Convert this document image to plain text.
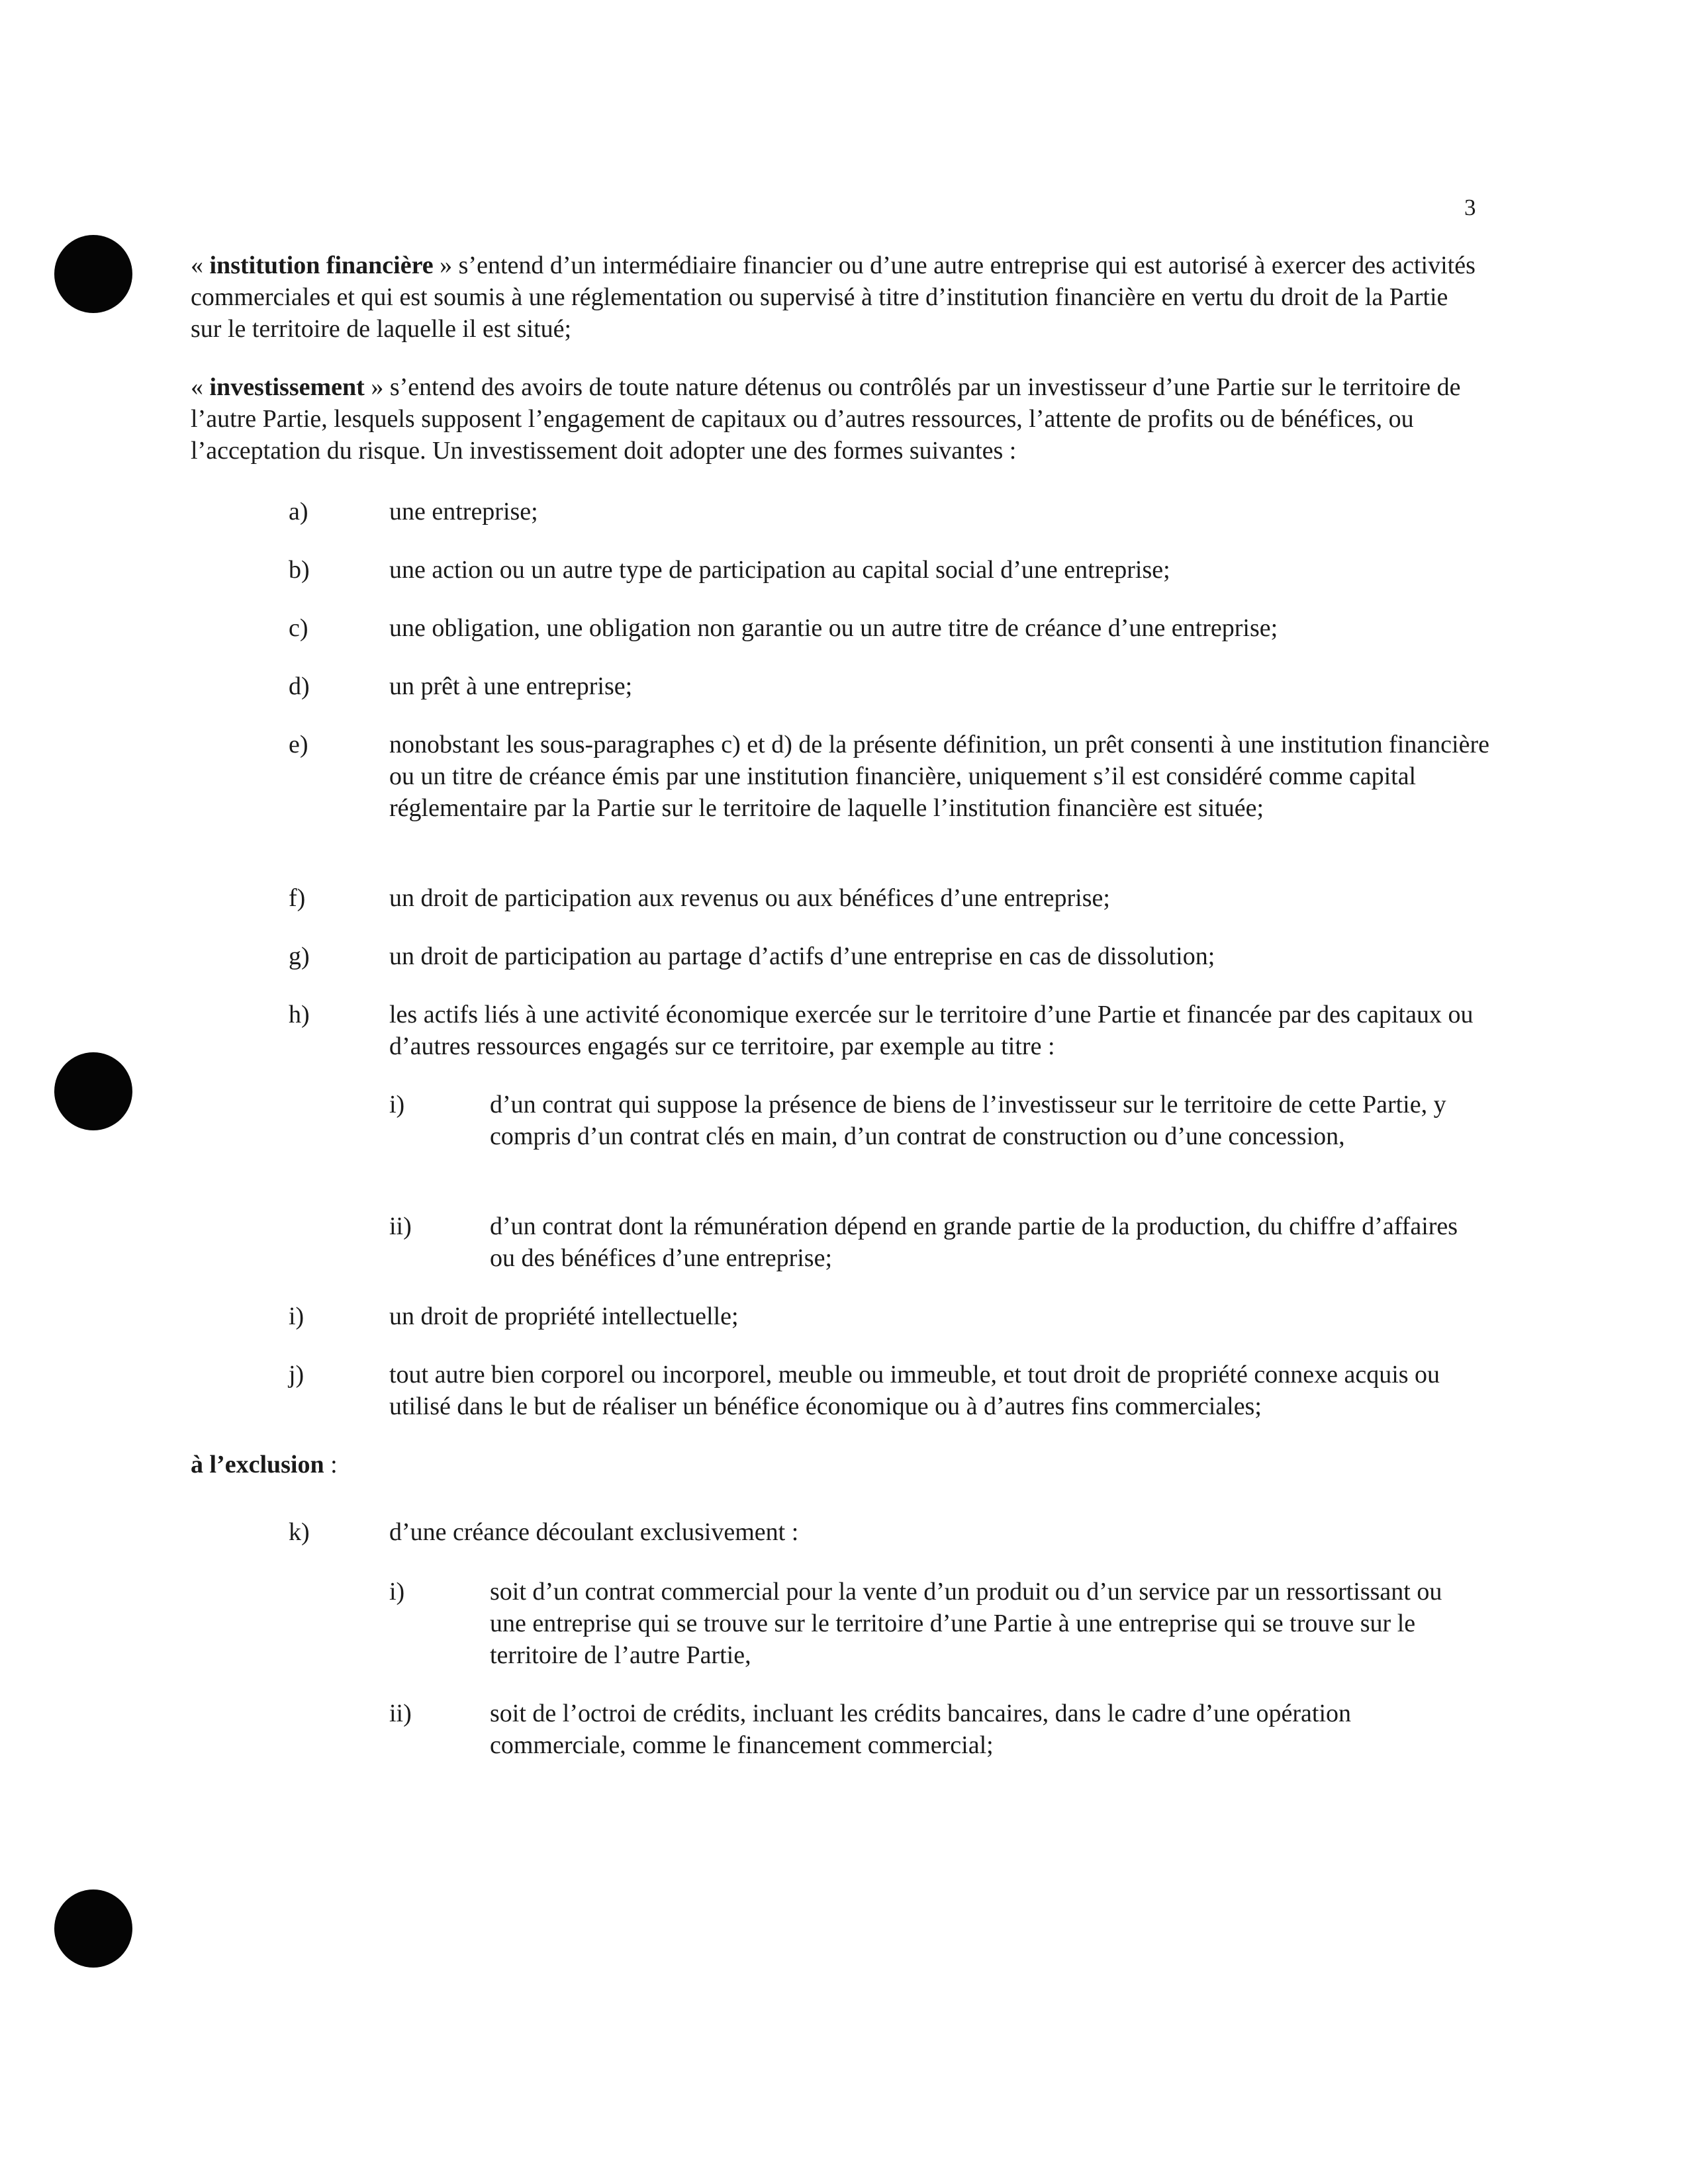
3

« institution financière » s’entend d’un intermédiaire financier ou d’une autre entreprise qui est autorisé à exercer des activités commerciales et qui est soumis à une réglementation ou supervisé à titre d’institution financière en vertu du droit de la Partie sur le territoire de laquelle il est situé;

« investissement » s’entend des avoirs de toute nature détenus ou contrôlés par un investisseur d’une Partie sur le territoire de l’autre Partie, lesquels supposent l’engagement de capitaux ou d’autres ressources, l’attente de profits ou de bénéfices, ou l’acceptation du risque. Un investissement doit adopter une des formes suivantes :

a)	une entreprise;
b)	une action ou un autre type de participation au capital social d’une entreprise;
c)	une obligation, une obligation non garantie ou un autre titre de créance d’une entreprise;
d)	un prêt à une entreprise;
e)	nonobstant les sous-paragraphes c) et d) de la présente définition, un prêt consenti à une institution financière ou un titre de créance émis par une institution financière, uniquement s’il est considéré comme capital réglementaire par la Partie sur le territoire de laquelle l’institution financière est située;
f)	un droit de participation aux revenus ou aux bénéfices d’une entreprise;
g)	un droit de participation au partage d’actifs d’une entreprise en cas de dissolution;
h)	les actifs liés à une activité économique exercée sur le territoire d’une Partie et financée par des capitaux ou d’autres ressources engagés sur ce territoire, par exemple au titre :
i)	d’un contrat qui suppose la présence de biens de l’investisseur sur le territoire de cette Partie, y compris d’un contrat clés en main, d’un contrat de construction ou d’une concession,
ii)	d’un contrat dont la rémunération dépend en grande partie de la production, du chiffre d’affaires ou des bénéfices d’une entreprise;
i)	un droit de propriété intellectuelle;
j)	tout autre bien corporel ou incorporel, meuble ou immeuble, et tout droit de propriété connexe acquis ou utilisé dans le but de réaliser un bénéfice économique ou à d’autres fins commerciales;
à l’exclusion :
k)	d’une créance découlant exclusivement :
i)	soit d’un contrat commercial pour la vente d’un produit ou d’un service par un ressortissant ou une entreprise qui se trouve sur le territoire d’une Partie à une entreprise qui se trouve sur le territoire de l’autre Partie,
ii)	soit de l’octroi de crédits, incluant les crédits bancaires, dans le cadre d’une opération commerciale, comme le financement commercial;
